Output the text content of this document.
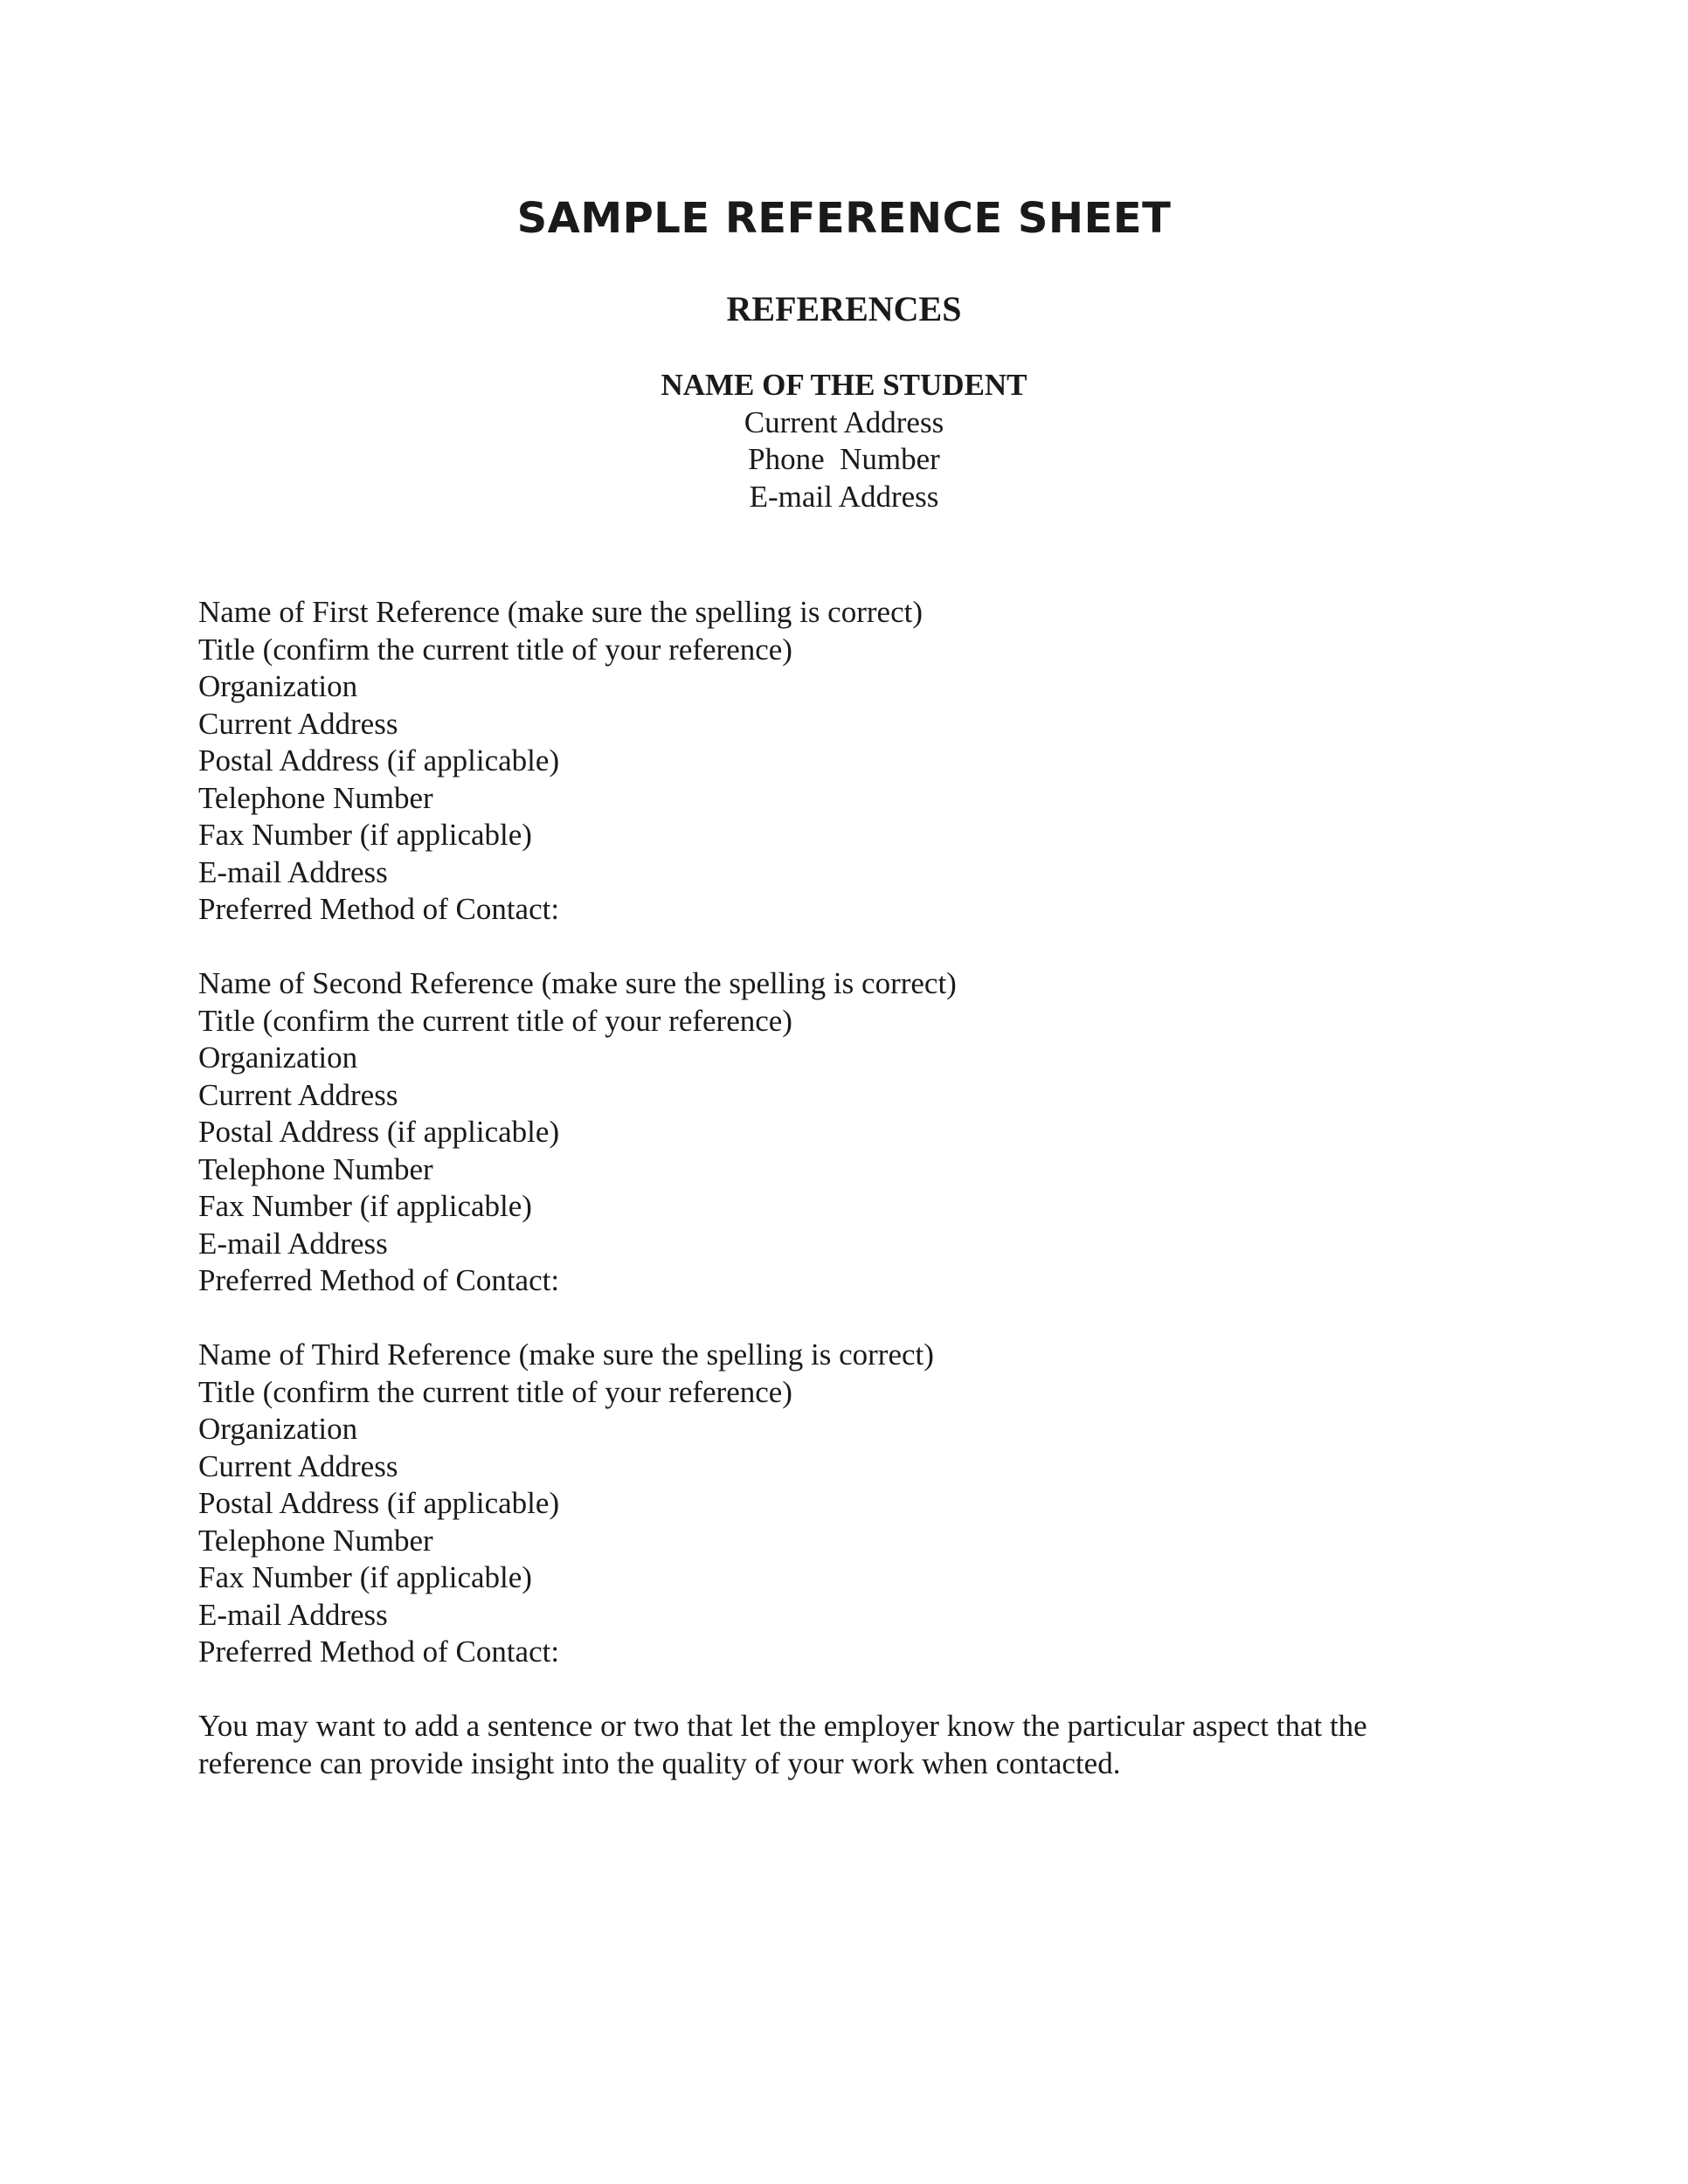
SAMPLE REFERENCE SHEET
REFERENCES
NAME OF THE STUDENT
Current Address
Phone  Number
E-mail Address
Name of First Reference (make sure the spelling is correct)
Title (confirm the current title of your reference)
Organization
Current Address
Postal Address (if applicable)
Telephone Number
Fax Number (if applicable)
E-mail Address
Preferred Method of Contact:
Name of Second Reference (make sure the spelling is correct)
Title (confirm the current title of your reference)
Organization
Current Address
Postal Address (if applicable)
Telephone Number
Fax Number (if applicable)
E-mail Address
Preferred Method of Contact:
Name of Third Reference (make sure the spelling is correct)
Title (confirm the current title of your reference)
Organization
Current Address
Postal Address (if applicable)
Telephone Number
Fax Number (if applicable)
E-mail Address
Preferred Method of Contact:
You may want to add a sentence or two that let the employer know the particular aspect that the reference can provide insight into the quality of your work when contacted.
